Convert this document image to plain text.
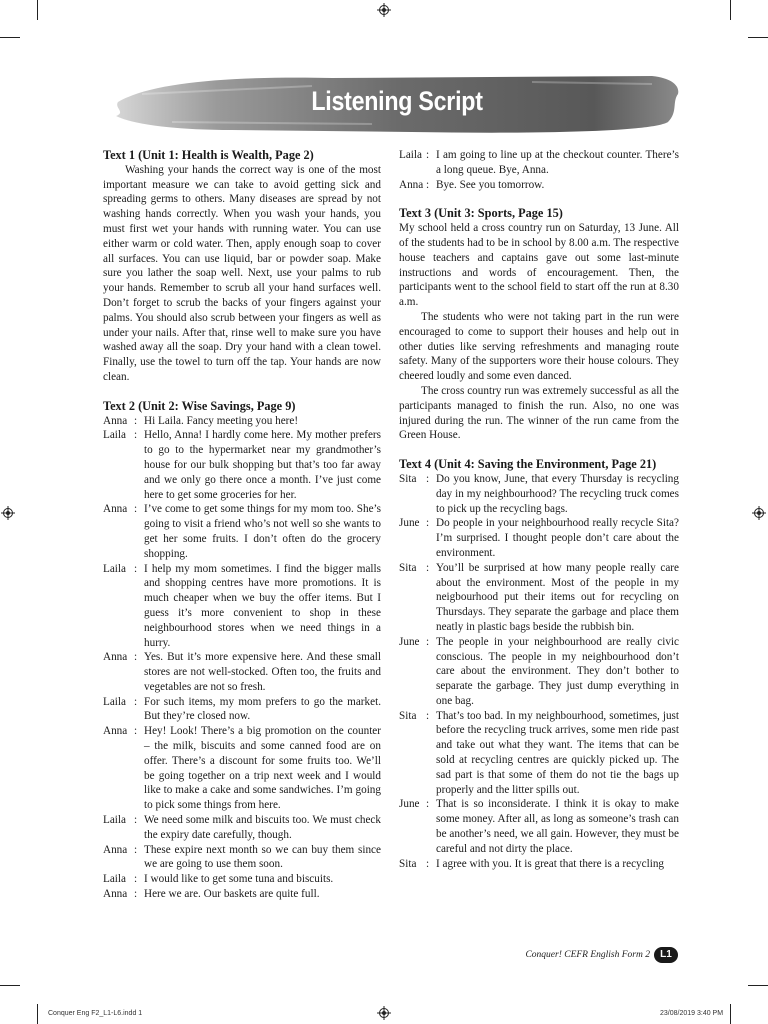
Listening Script
Text 1 (Unit 1: Health is Wealth, Page 2)

Washing your hands the correct way is one of the most important measure we can take to avoid getting sick and spreading germs to others. Many diseases are spread by not washing hands correctly. When you wash your hands, you must first wet your hands with running water. You can use either warm or cold water. Then, apply enough soap to cover all surfaces. You can use liquid, bar or powder soap. Make sure you lather the soap well. Next, use your palms to rub your hands. Remember to scrub all your hand surfaces well. Don’t forget to scrub the backs of your fingers against your palms. You should also scrub between your fingers as well as under your nails. After that, rinse well to make sure you have washed away all the soap. Dry your hand with a clean towel. Finally, use the towel to turn off the tap. Your hands are now clean.

Text 2 (Unit 2: Wise Savings, Page 9)
Anna : Hi Laila. Fancy meeting you here!
Laila : Hello, Anna! I hardly come here. My mother prefers to go to the hypermarket near my grandmother’s house for our bulk shopping but that’s too far away and we only go there once a month. I’ve just come here to get some groceries for her.
Anna : I’ve come to get some things for my mom too. She’s going to visit a friend who’s not well so she wants to get her some fruits. I don’t often do the grocery shopping.
Laila : I help my mom sometimes. I find the bigger malls and shopping centres have more promotions. It is much cheaper when we buy the offer items. But I guess it’s more convenient to shop in these neighbourhood stores when we need things in a hurry.
Anna : Yes. But it’s more expensive here. And these small stores are not well-stocked. Often too, the fruits and vegetables are not so fresh.
Laila : For such items, my mom prefers to go the market. But they’re closed now.
Anna : Hey! Look! There’s a big promotion on the counter – the milk, biscuits and some canned food are on offer. There’s a discount for some fruits too. We’ll be going together on a trip next week and I would like to make a cake and some sandwiches. I’m going to pick some things from here.
Laila : We need some milk and biscuits too. We must check the expiry date carefully, though.
Anna : These expire next month so we can buy them since we are going to use them soon.
Laila : I would like to get some tuna and biscuits.
Anna : Here we are. Our baskets are quite full.
Laila : I am going to line up at the checkout counter. There’s a long queue. Bye, Anna.
Anna : Bye. See you tomorrow.
Text 3 (Unit 3: Sports, Page 15)

My school held a cross country run on Saturday, 13 June. All of the students had to be in school by 8.00 a.m. The respective house teachers and captains gave out some last-minute instructions and words of encouragement. Then, the participants went to the school field to start off the run at 8.30 a.m.

The students who were not taking part in the run were encouraged to come to support their houses and help out in other duties like serving refreshments and managing route safety. Many of the supporters wore their house colours. They cheered loudly and some even danced.

The cross country run was extremely successful as all the participants managed to finish the run. Also, no one was injured during the run. The winner of the run came from the Green House.

Text 4 (Unit 4: Saving the Environment, Page 21)
Sita : Do you know, June, that every Thursday is recycling day in my neighbourhood? The recycling truck comes to pick up the recycling bags.
June : Do people in your neighbourhood really recycle Sita? I’m surprised. I thought people don’t care about the environment.
Sita : You’ll be surprised at how many people really care about the environment. Most of the people in my neigbourhood put their items out for recycling on Thursdays. They separate the garbage and place them neatly in plastic bags beside the rubbish bin.
June : The people in your neighbourhood are really civic conscious. The people in my neighbourhood don’t care about the environment. They don’t bother to separate the garbage. They just dump everything in one bag.
Sita : That’s too bad. In my neighbourhood, sometimes, just before the recycling truck arrives, some men ride past and take out what they want. The items that can be sold at recycling centres are quickly picked up. The sad part is that some of them do not tie the bags up properly and the litter spills out.
June : That is so inconsiderate. I think it is okay to make some money. After all, as long as someone’s trash can be another’s need, we all gain. However, they must be careful and not dirty the place.
Sita : I agree with you. It is great that there is a recycling
Conquer! CEFR English Form 2	L1
Conquer Eng F2_L1-L6.indd 1	23/08/2019 3:40 PM
